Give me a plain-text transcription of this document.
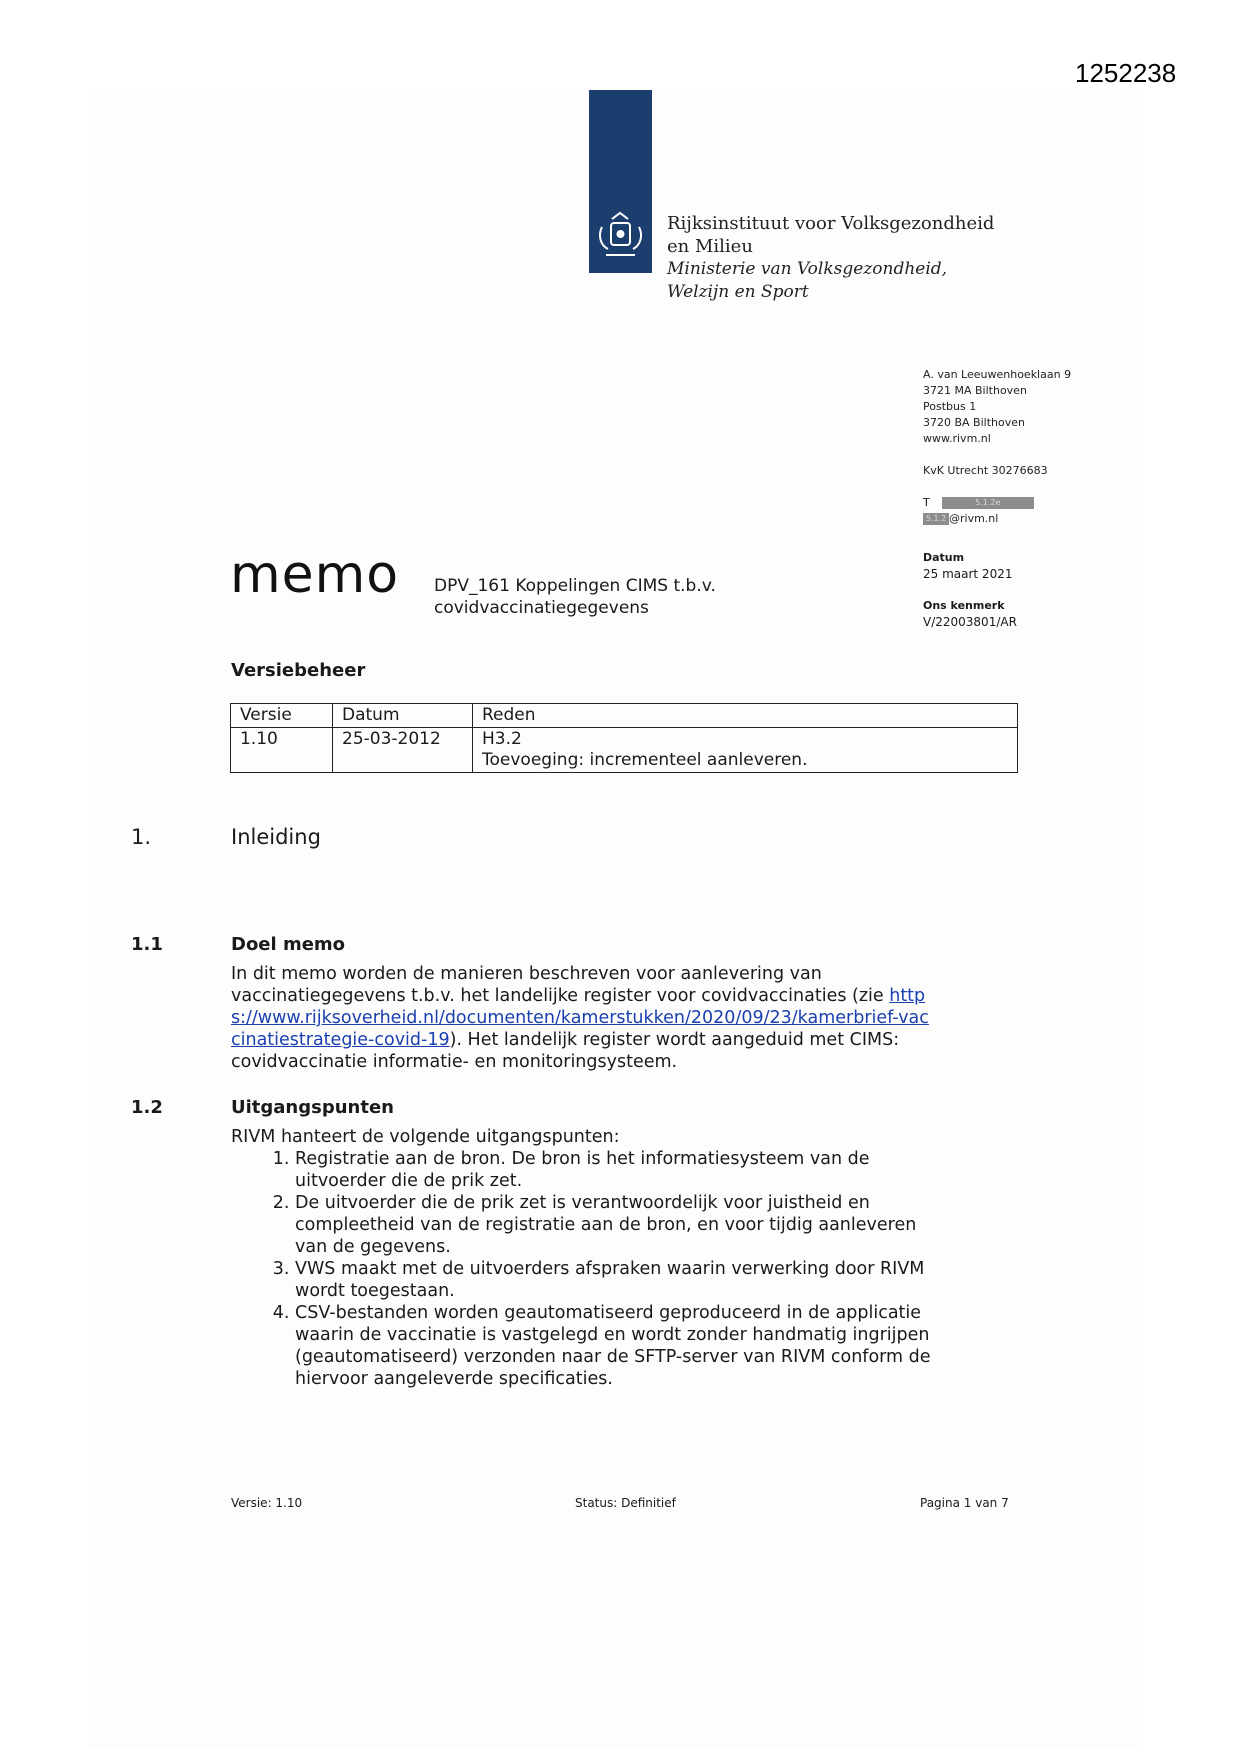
1252238
Rijksinstituut voor Volksgezondheid
en Milieu
Ministerie van Volksgezondheid,
Welzijn en Sport
A. van Leeuwenhoeklaan 9
3721 MA Bilthoven
Postbus 1
3720 BA Bilthoven
www.rivm.nl
KvK Utrecht 30276683
T	5.1.2e
5.1.2 @rivm.nl
memo DPV_161 Koppelingen CIMS t.b.v.
covidvaccinatiegegevens
Datum
25 maart 2021
Ons kenmerk
V/22003801/AR
Versiebeheer
Versie	Datum	Reden
1.10	25-03-2012	H3.2
Toevoeging: incrementeel aanleveren.
1.	Inleiding
1.1	Doel memo

In dit memo worden de manieren beschreven voor aanlevering van vaccinatiegegevens t.b.v. het landelijke register voor covidvaccinaties (zie https://www.rijksoverheid.nl/documenten/kamerstukken/2020/09/23/kamerbrief-vaccinatiestrategie-covid-19). Het landelijk register wordt aangeduid met CIMS: covidvaccinatie informatie- en monitoringsysteem.

1.2	Uitgangspunten

RIVM hanteert de volgende uitgangspunten:

1. Registratie aan de bron. De bron is het informatiesysteem van de uitvoerder die de prik zet.
2. De uitvoerder die de prik zet is verantwoordelijk voor juistheid en compleetheid van de registratie aan de bron, en voor tijdig aanleveren van de gegevens.
3. VWS maakt met de uitvoerders afspraken waarin verwerking door RIVM wordt toegestaan.
4. CSV-bestanden worden geautomatiseerd geproduceerd in de applicatie waarin de vaccinatie is vastgelegd en wordt zonder handmatig ingrijpen (geautomatiseerd) verzonden naar de SFTP-server van RIVM conform de hiervoor aangeleverde specificaties.
Versie: 1.10	Status: Definitief	Pagina 1 van 7
